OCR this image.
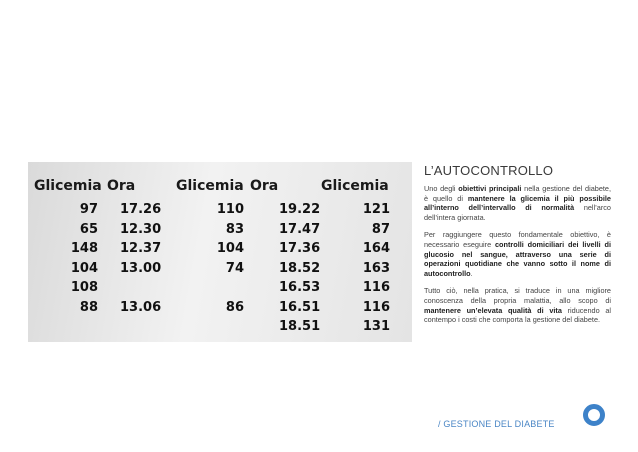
Glicemia Ora	Glicemia Ora	Glicemia
97
65
148
104
108
88
17.26
12.30
12.37
13.00
13.06
110
83
104
74
86
19.22
17.47
17.36
18.52
16.53
16.51
18.51
121
87
164
163
116
116
131
L’AUTOCONTROLLO

Uno degli obiettivi principali nella gestione del diabete, è quello di mantenere la glicemia il più possibile all’interno dell’intervallo di normalità nell’arco dell’intera giornata.

Per raggiungere questo fondamentale obiettivo, è necessario eseguire controlli domiciliari dei livelli di glucosio nel sangue, attraverso una serie di operazioni quotidiane che vanno sotto il nome di autocontrollo.

Tutto ciò, nella pratica, si traduce in una migliore conoscenza della propria malattia, allo scopo di mantenere un’elevata qualità di vita riducendo al contempo i costi che comporta la gestione del diabete.

/ GESTIONE DEL DIABETE
